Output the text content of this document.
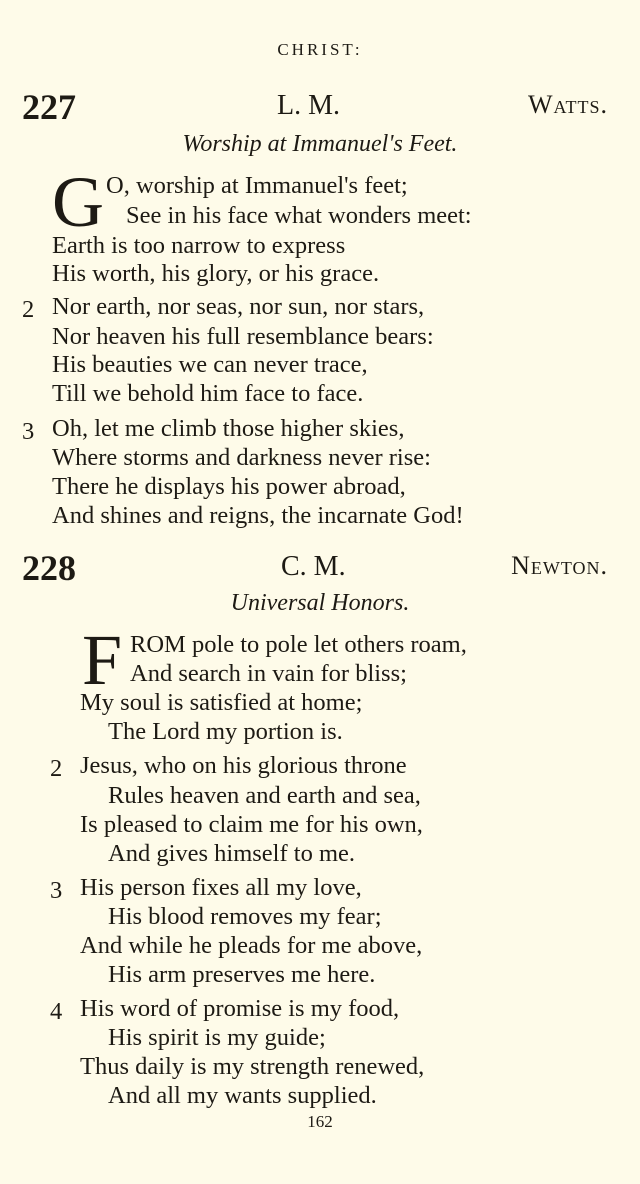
CHRIST:
227	L. M.	Watts.
Worship at Immanuel's Feet.
G O, worship at Immanuel's feet;
See in his face what wonders meet:
Earth is too narrow to express
His worth, his glory, or his grace.
2 Nor earth, nor seas, nor sun, nor stars,
Nor heaven his full resemblance bears:
His beauties we can never trace,
Till we behold him face to face.
3 Oh, let me climb those higher skies,
Where storms and darkness never rise:
There he displays his power abroad,
And shines and reigns, the incarnate God!
228	C. M.	Newton.
Universal Honors.
F ROM pole to pole let others roam,
And search in vain for bliss;
My soul is satisfied at home;
The Lord my portion is.
2 Jesus, who on his glorious throne
Rules heaven and earth and sea,
Is pleased to claim me for his own,
And gives himself to me.
3 His person fixes all my love,
His blood removes my fear;
And while he pleads for me above,
His arm preserves me here.
4 His word of promise is my food,
His spirit is my guide;
Thus daily is my strength renewed,
And all my wants supplied.
162
